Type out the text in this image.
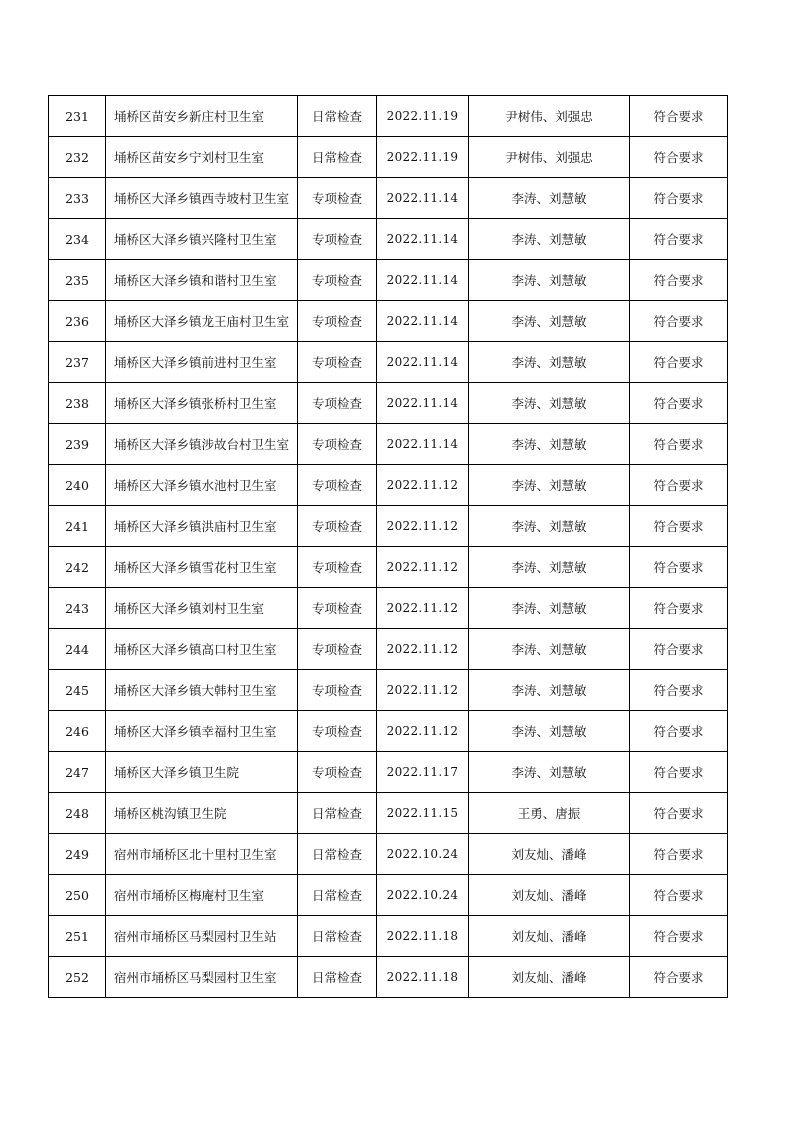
231	埇桥区苗安乡新庄村卫生室	日常检查	2022.11.19	尹树伟、刘强忠	符合要求
232	埇桥区苗安乡宁刘村卫生室	日常检查	2022.11.19	尹树伟、刘强忠	符合要求
233	埇桥区大泽乡镇西寺坡村卫生室	专项检查	2022.11.14	李涛、刘慧敏	符合要求
234	埇桥区大泽乡镇兴隆村卫生室	专项检查	2022.11.14	李涛、刘慧敏	符合要求
235	埇桥区大泽乡镇和谐村卫生室	专项检查	2022.11.14	李涛、刘慧敏	符合要求
236	埇桥区大泽乡镇龙王庙村卫生室	专项检查	2022.11.14	李涛、刘慧敏	符合要求
237	埇桥区大泽乡镇前进村卫生室	专项检查	2022.11.14	李涛、刘慧敏	符合要求
238	埇桥区大泽乡镇张桥村卫生室	专项检查	2022.11.14	李涛、刘慧敏	符合要求
239	埇桥区大泽乡镇涉故台村卫生室	专项检查	2022.11.14	李涛、刘慧敏	符合要求
240	埇桥区大泽乡镇水池村卫生室	专项检查	2022.11.12	李涛、刘慧敏	符合要求
241	埇桥区大泽乡镇洪庙村卫生室	专项检查	2022.11.12	李涛、刘慧敏	符合要求
242	埇桥区大泽乡镇雪花村卫生室	专项检查	2022.11.12	李涛、刘慧敏	符合要求
243	埇桥区大泽乡镇刘村卫生室	专项检查	2022.11.12	李涛、刘慧敏	符合要求
244	埇桥区大泽乡镇高口村卫生室	专项检查	2022.11.12	李涛、刘慧敏	符合要求
245	埇桥区大泽乡镇大韩村卫生室	专项检查	2022.11.12	李涛、刘慧敏	符合要求
246	埇桥区大泽乡镇幸福村卫生室	专项检查	2022.11.12	李涛、刘慧敏	符合要求
247	埇桥区大泽乡镇卫生院	专项检查	2022.11.17	李涛、刘慧敏	符合要求
248	埇桥区桃沟镇卫生院	日常检查	2022.11.15	王勇、唐振	符合要求
249	宿州市埇桥区北十里村卫生室	日常检查	2022.10.24	刘友灿、潘峰	符合要求
250	宿州市埇桥区梅庵村卫生室	日常检查	2022.10.24	刘友灿、潘峰	符合要求
251	宿州市埇桥区马梨园村卫生站	日常检查	2022.11.18	刘友灿、潘峰	符合要求
252	宿州市埇桥区马梨园村卫生室	日常检查	2022.11.18	刘友灿、潘峰	符合要求
